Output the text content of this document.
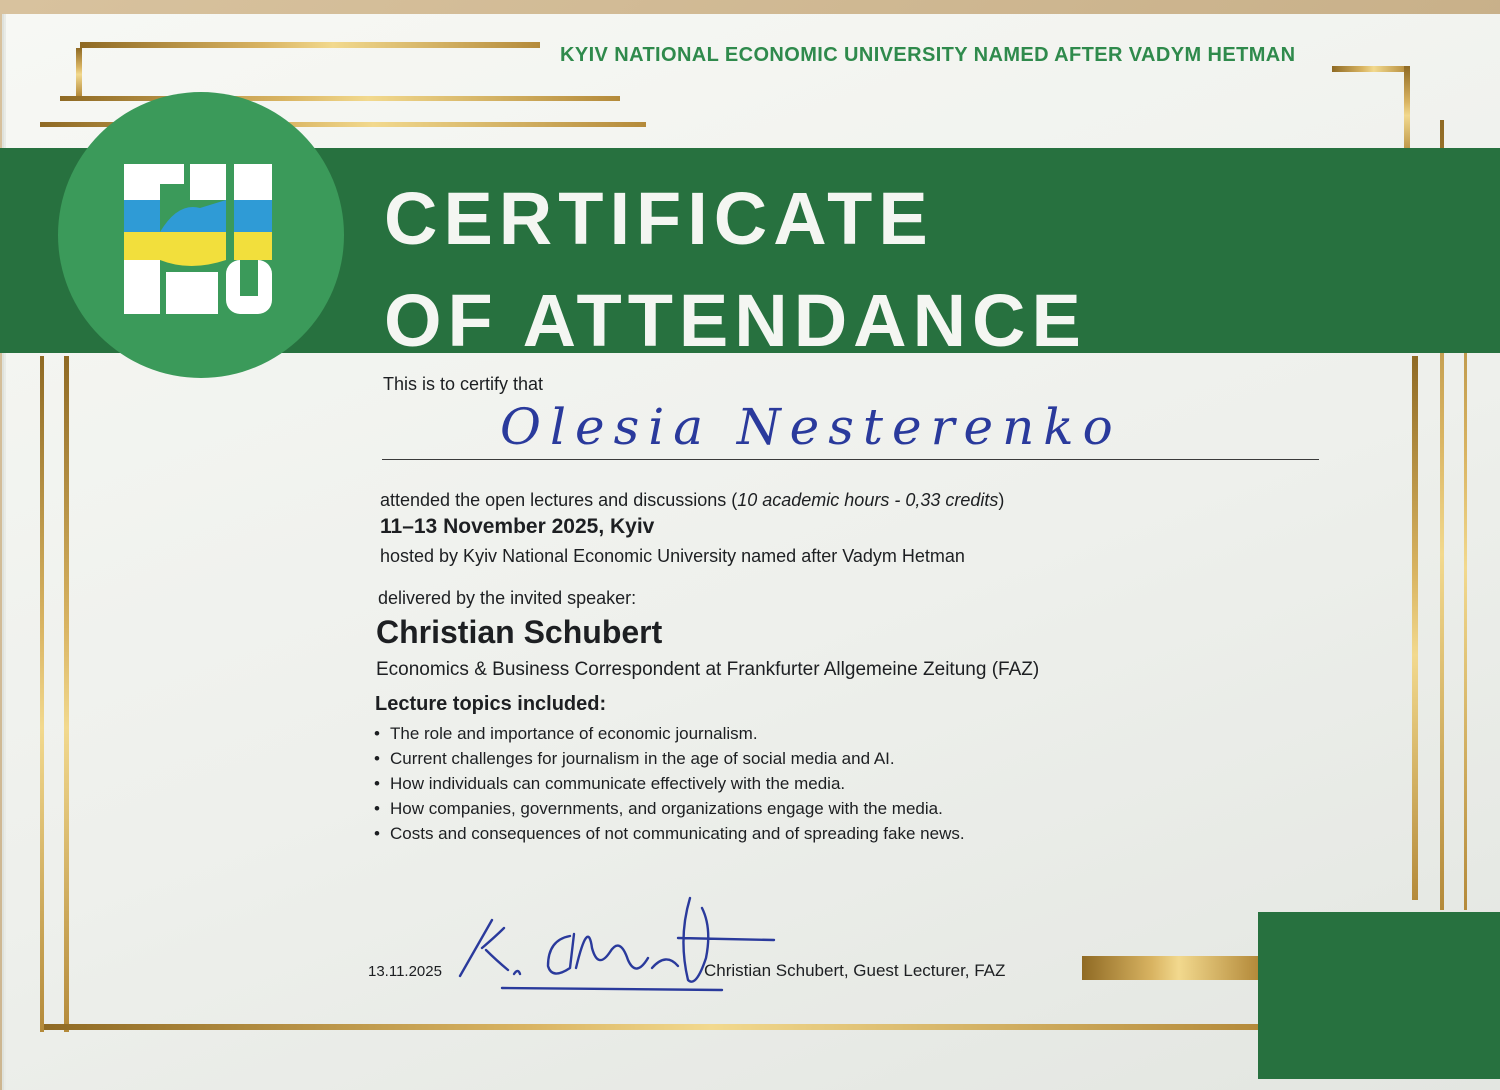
KYIV NATIONAL ECONOMIC UNIVERSITY NAMED AFTER VADYM HETMAN
CERTIFICATE
OF ATTENDANCE
This is to certify that
Olesia Nesterenko
attended the open lectures and discussions (10 academic hours - 0,33 credits)
11–13 November 2025, Kyiv
hosted by Kyiv National Economic University named after Vadym Hetman
delivered by the invited speaker:
Christian Schubert
Economics & Business Correspondent at Frankfurter Allgemeine Zeitung (FAZ)
Lecture topics included:
• The role and importance of economic journalism.
• Current challenges for journalism in the age of social media and AI.
• How individuals can communicate effectively with the media.
• How companies, governments, and organizations engage with the media.
• Costs and consequences of not communicating and of spreading fake news.
13.11.2025	Christian Schubert, Guest Lecturer, FAZ
